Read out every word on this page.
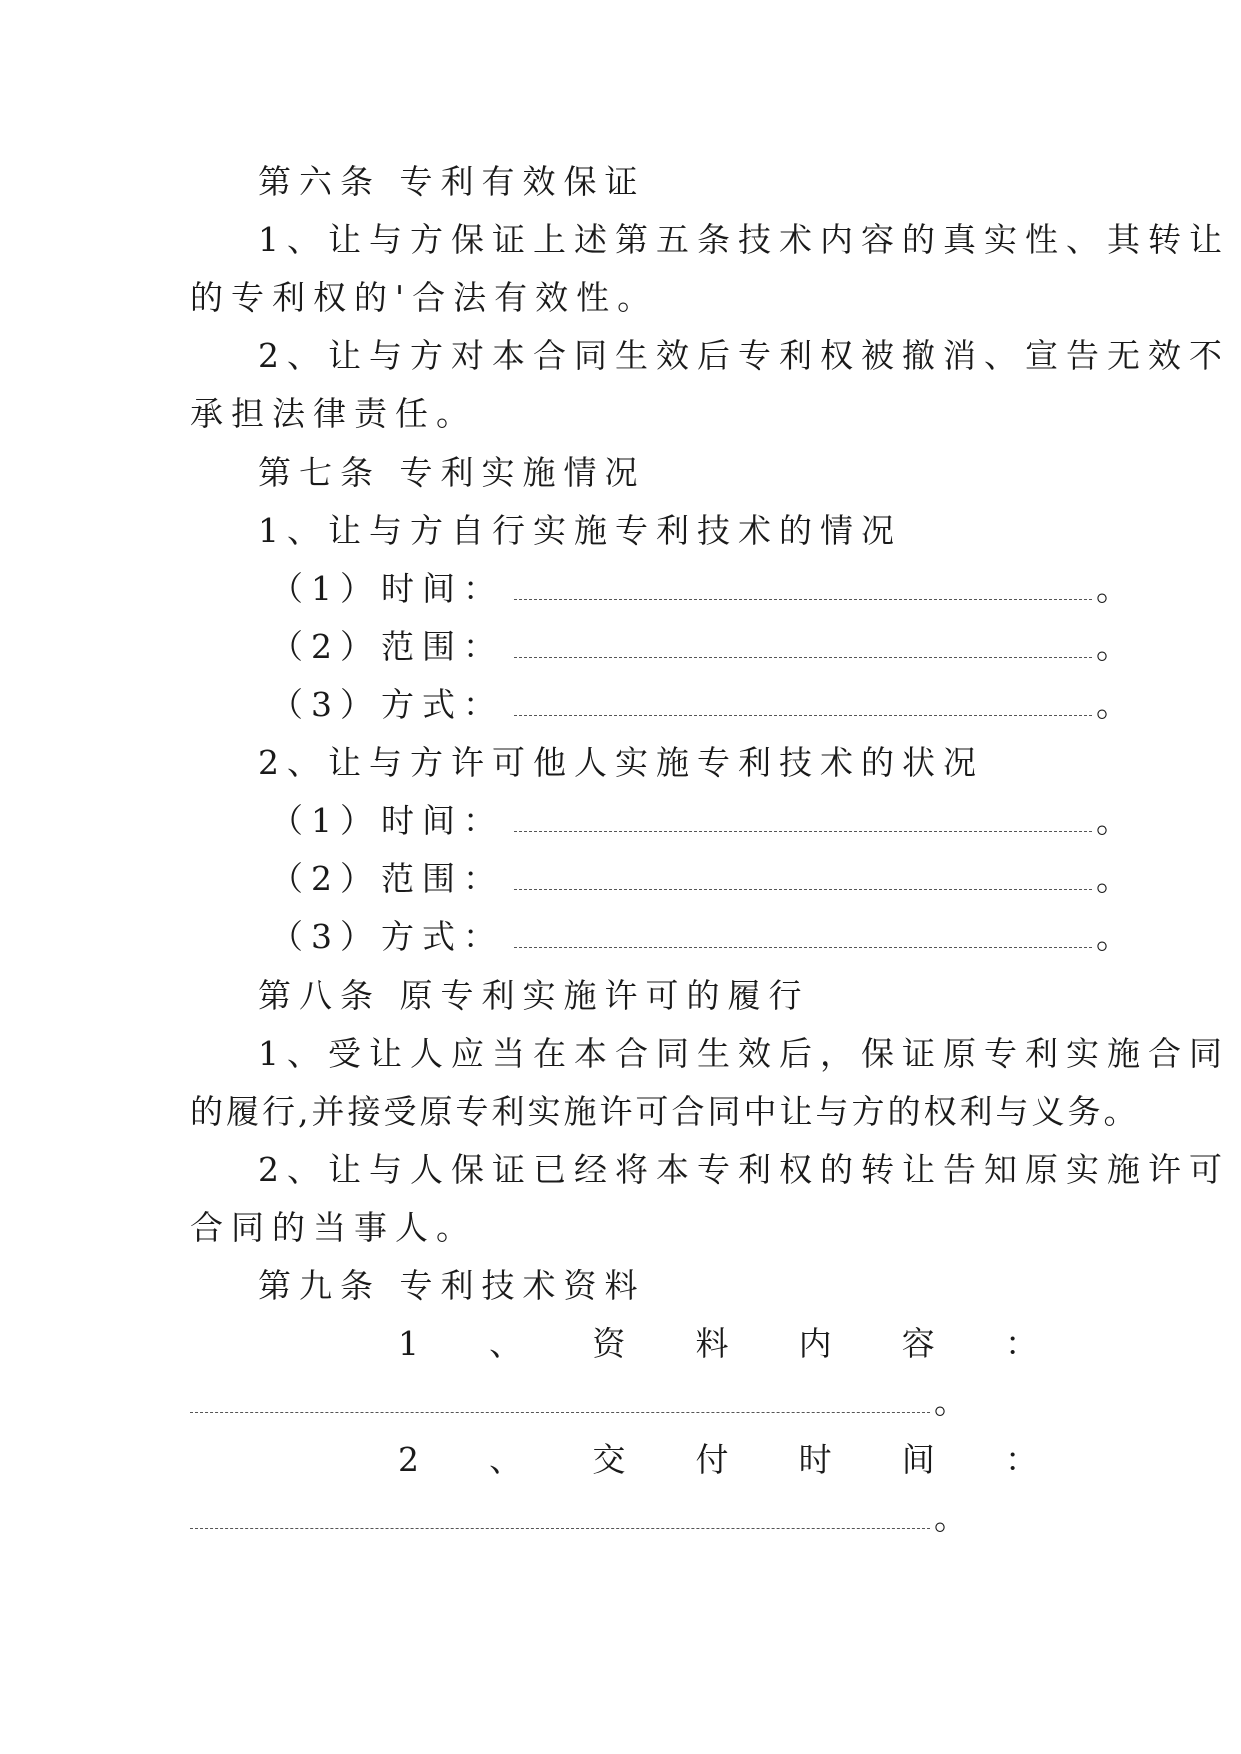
第六条 专利有效保证
1、让与方保证上述第五条技术内容的真实性、其转让
的专利权的'合法有效性。
2、让与方对本合同生效后专利权被撤消、宣告无效不
承担法律责任。
第七条 专利实施情况
1、让与方自行实施专利技术的情况
（1）时间：	。
（2）范围：	。
（3）方式：	。
2、让与方许可他人实施专利技术的状况
（1）时间：	。
（2）范围：	。
（3）方式：	。
第八条 原专利实施许可的履行
1、受让人应当在本合同生效后，保证原专利实施合同
的履行,并接受原专利实施许可合同中让与方的权利与义务。
2、让与人保证已经将本专利权的转让告知原实施许可
合同的当事人。
第九条 专利技术资料
1 、 资 料 内 容 ：
。
2 、 交 付 时 间 ：
。
